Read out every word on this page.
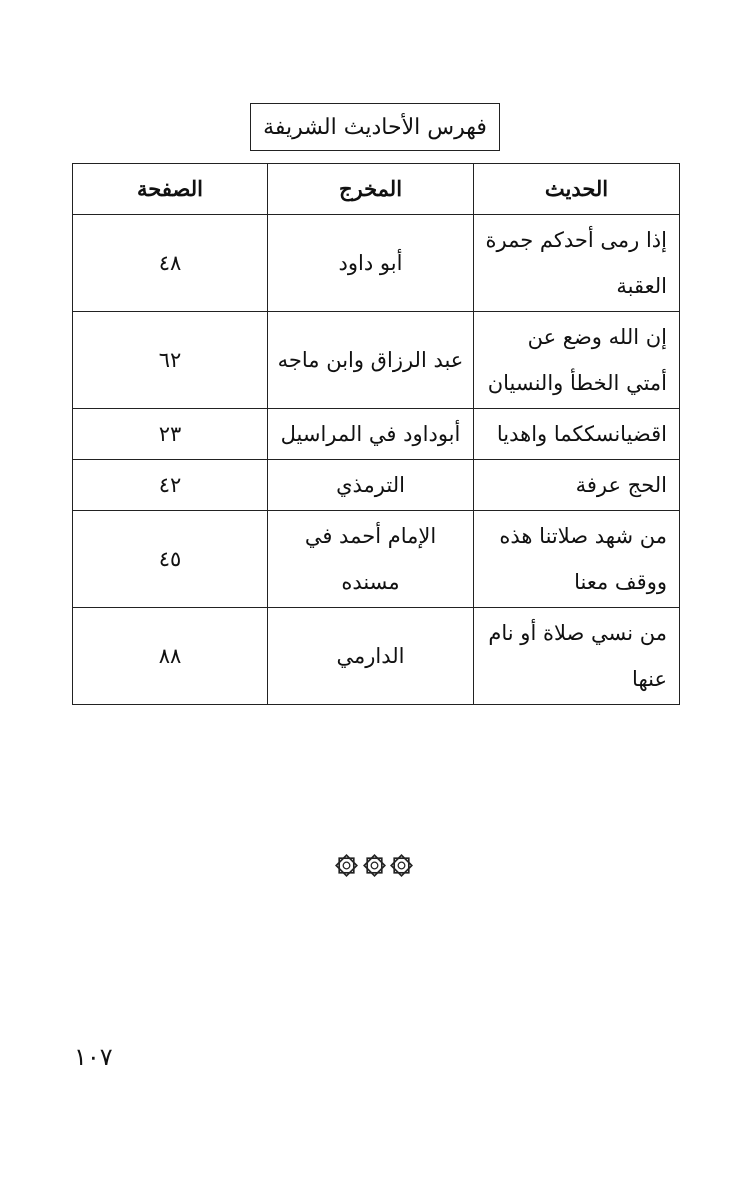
فهرس الأحاديث الشريفة
الحديث	المخرج	الصفحة
إذا رمى أحدكم جمرة العقبة	أبو داود	٤٨
إن الله وضع عن أمتي الخطأ والنسيان	عبد الرزاق وابن ماجه	٦٢
اقضيانسككما واهديا	أبوداود في المراسيل	٢٣
الحج عرفة	الترمذي	٤٢
من شهد صلاتنا هذه ووقف معنا	الإمام أحمد في مسنده	٤٥
من نسي صلاة أو نام عنها	الدارمي	٨٨
١٠٧
